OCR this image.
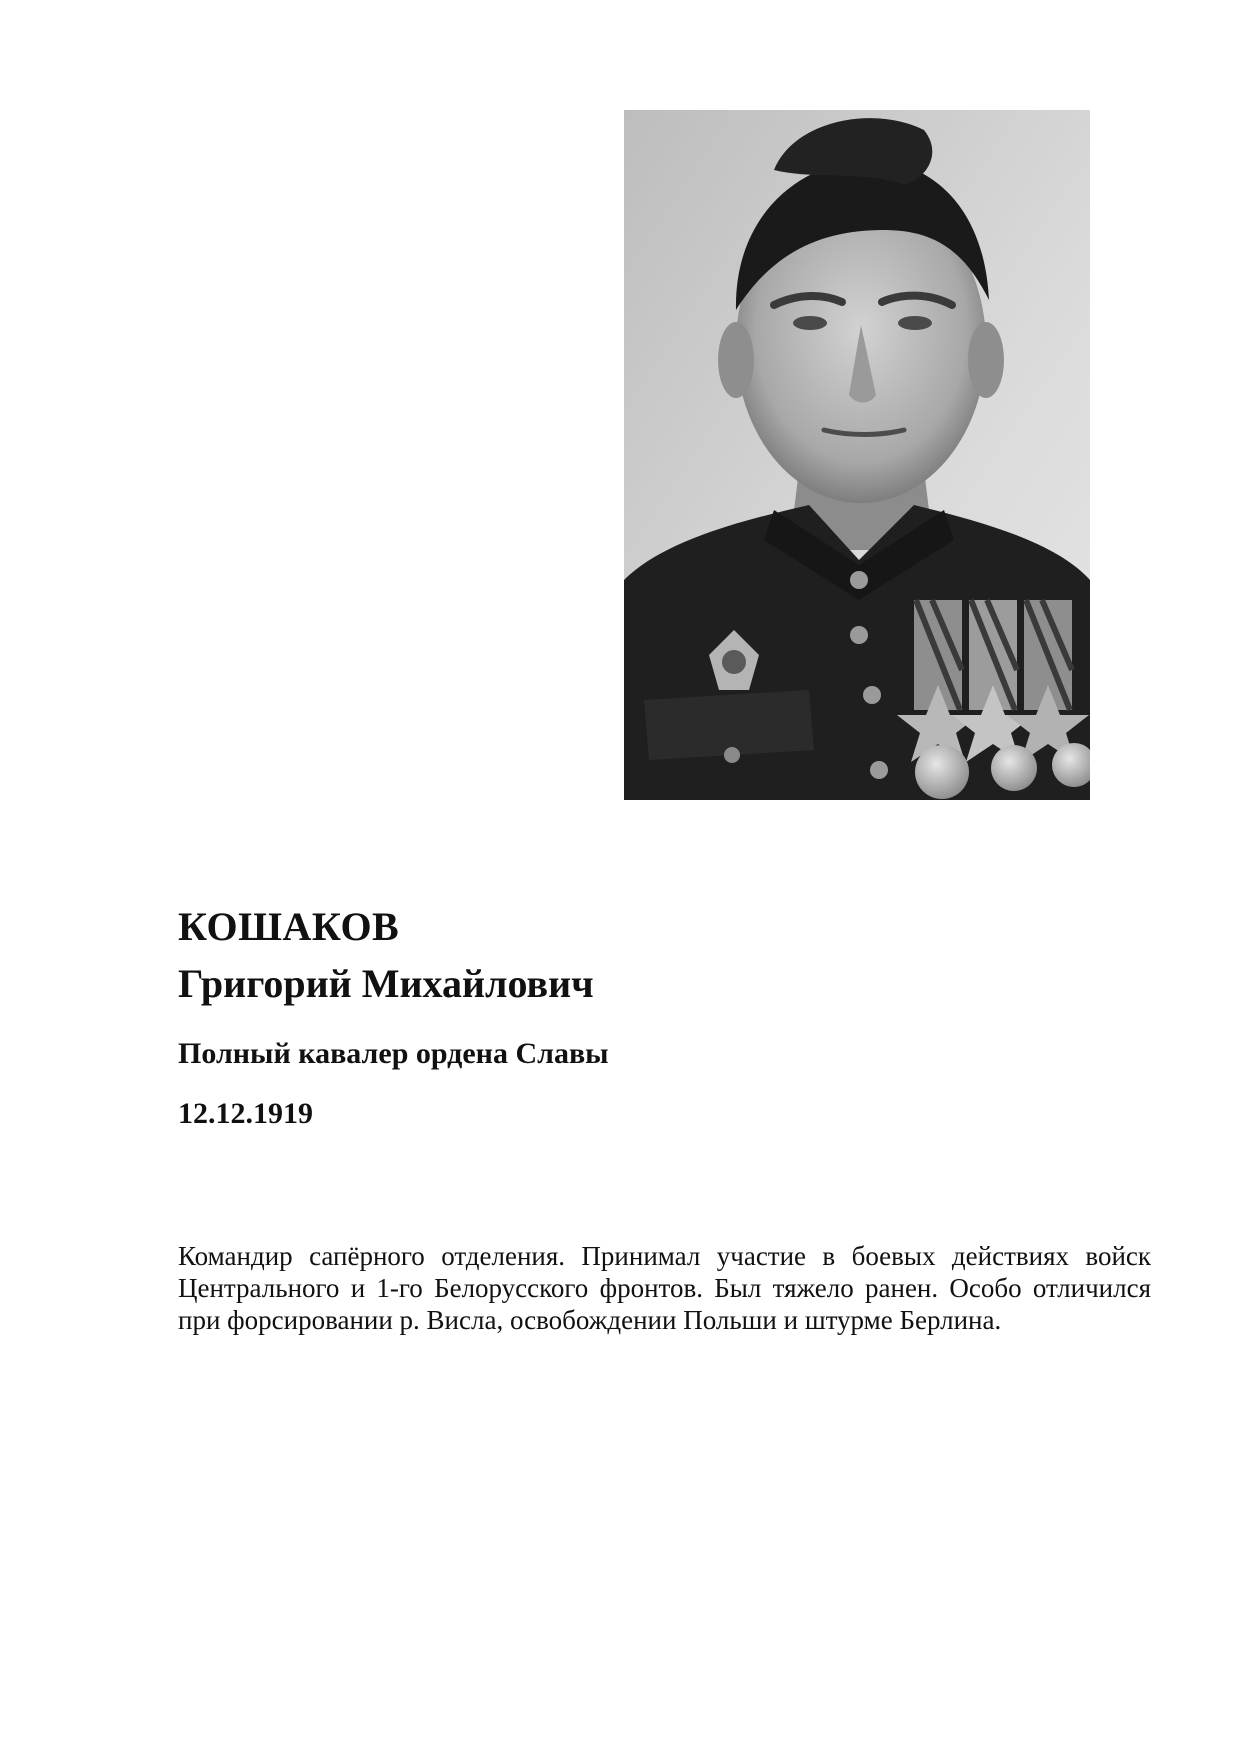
КОШАКОВ
Григорий Михайлович

Полный кавалер ордена Славы

12.12.1919

Командир сапёрного отделения. Принимал участие в боевых действиях войск Центрального и 1-го Белорусского фронтов. Был тяжело ранен. Особо отличился при форсировании р. Висла, освобождении Польши и штурме Берлина.
